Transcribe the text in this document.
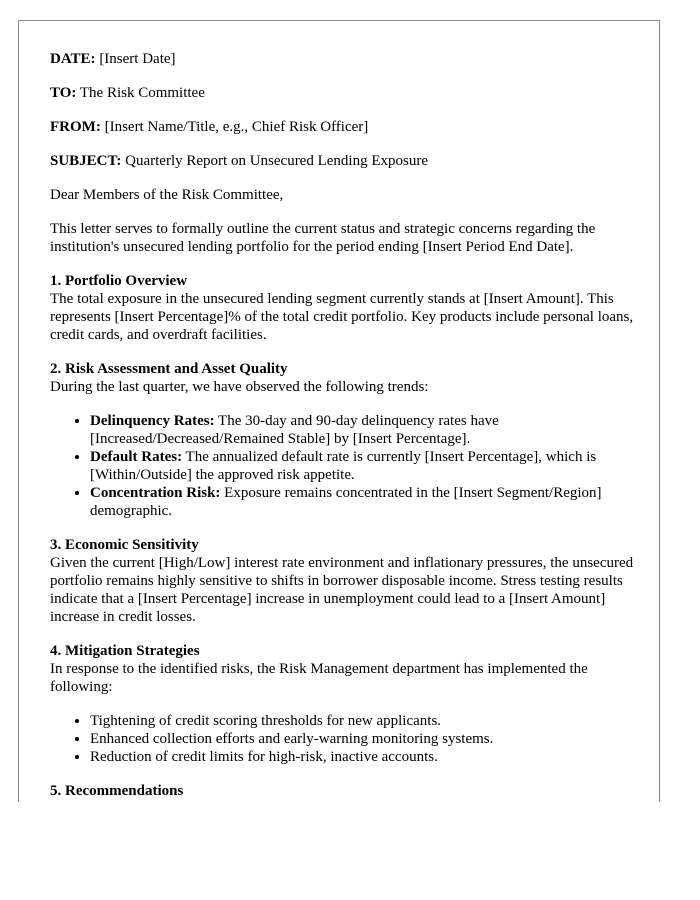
DATE: [Insert Date]

TO: The Risk Committee

FROM: [Insert Name/Title, e.g., Chief Risk Officer]

SUBJECT: Quarterly Report on Unsecured Lending Exposure

Dear Members of the Risk Committee,

This letter serves to formally outline the current status and strategic concerns regarding the institution's unsecured lending portfolio for the period ending [Insert Period End Date].

1. Portfolio Overview

The total exposure in the unsecured lending segment currently stands at [Insert Amount]. This represents [Insert Percentage]% of the total credit portfolio. Key products include personal loans, credit cards, and overdraft facilities.

2. Risk Assessment and Asset Quality

During the last quarter, we have observed the following trends:

• Delinquency Rates: The 30-day and 90-day delinquency rates have [Increased/Decreased/Remained Stable] by [Insert Percentage].
• Default Rates: The annualized default rate is currently [Insert Percentage], which is [Within/Outside] the approved risk appetite.
• Concentration Risk: Exposure remains concentrated in the [Insert Segment/Region] demographic.

3. Economic Sensitivity

Given the current [High/Low] interest rate environment and inflationary pressures, the unsecured portfolio remains highly sensitive to shifts in borrower disposable income. Stress testing results indicate that a [Insert Percentage] increase in unemployment could lead to a [Insert Amount] increase in credit losses.

4. Mitigation Strategies

In response to the identified risks, the Risk Management department has implemented the following:

• Tightening of credit scoring thresholds for new applicants.
• Enhanced collection efforts and early-warning monitoring systems.
• Reduction of credit limits for high-risk, inactive accounts.

5. Recommendations
